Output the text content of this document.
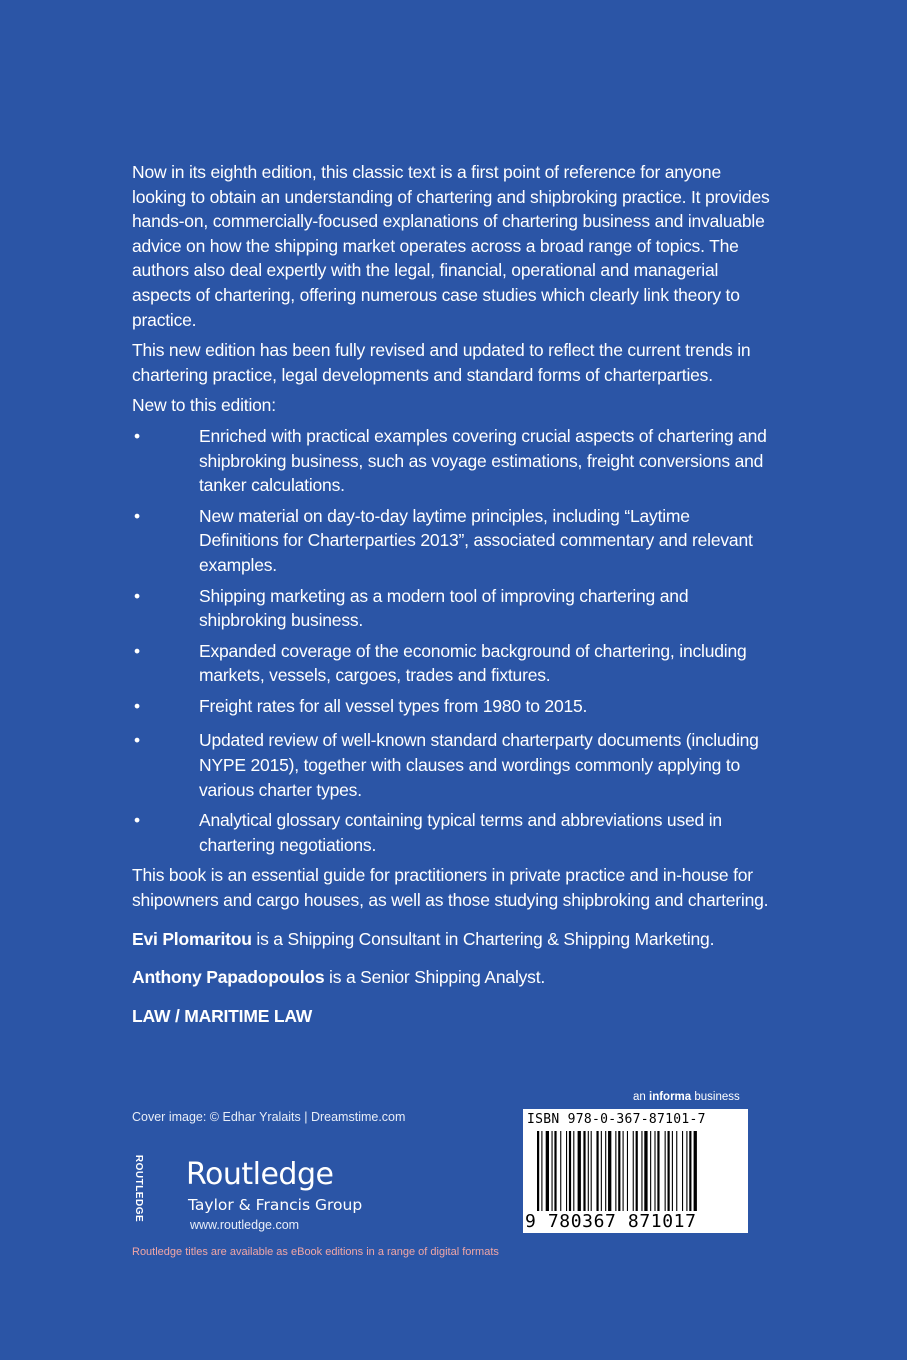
Now in its eighth edition, this classic text is a first point of reference for anyone looking to obtain an understanding of chartering and shipbroking practice. It provides hands-on, commercially-focused explanations of chartering business and invaluable advice on how the shipping market operates across a broad range of topics. The authors also deal expertly with the legal, financial, operational and managerial aspects of chartering, offering numerous case studies which clearly link theory to practice.

This new edition has been fully revised and updated to reflect the current trends in chartering practice, legal developments and standard forms of charterparties.

New to this edition:

•	Enriched with practical examples covering crucial aspects of chartering and shipbroking business, such as voyage estimations, freight conversions and tanker calculations.
•	New material on day-to-day laytime principles, including “Laytime Definitions for Charterparties 2013”, associated commentary and relevant examples.
•	Shipping marketing as a modern tool of improving chartering and shipbroking business.
•	Expanded coverage of the economic background of chartering, including markets, vessels, cargoes, trades and fixtures.
•	Freight rates for all vessel types from 1980 to 2015.
•	Updated review of well-known standard charterparty documents (including NYPE 2015), together with clauses and wordings commonly applying to various charter types.
•	Analytical glossary containing typical terms and abbreviations used in chartering negotiations.

This book is an essential guide for practitioners in private practice and in-house for shipowners and cargo houses, as well as those studying shipbroking and chartering.

Evi Plomaritou is a Shipping Consultant in Chartering & Shipping Marketing.

Anthony Papadopoulos is a Senior Shipping Analyst.

LAW / MARITIME LAW

Cover image: © Edhar Yralaits | Dreamstime.com
ROUTLEDGE Routledge
Taylor & Francis Group
www.routledge.com
Routledge titles are available as eBook editions in a range of digital formats
an informa business
ISBN 978-0-367-87101-7
9 780367 871017
